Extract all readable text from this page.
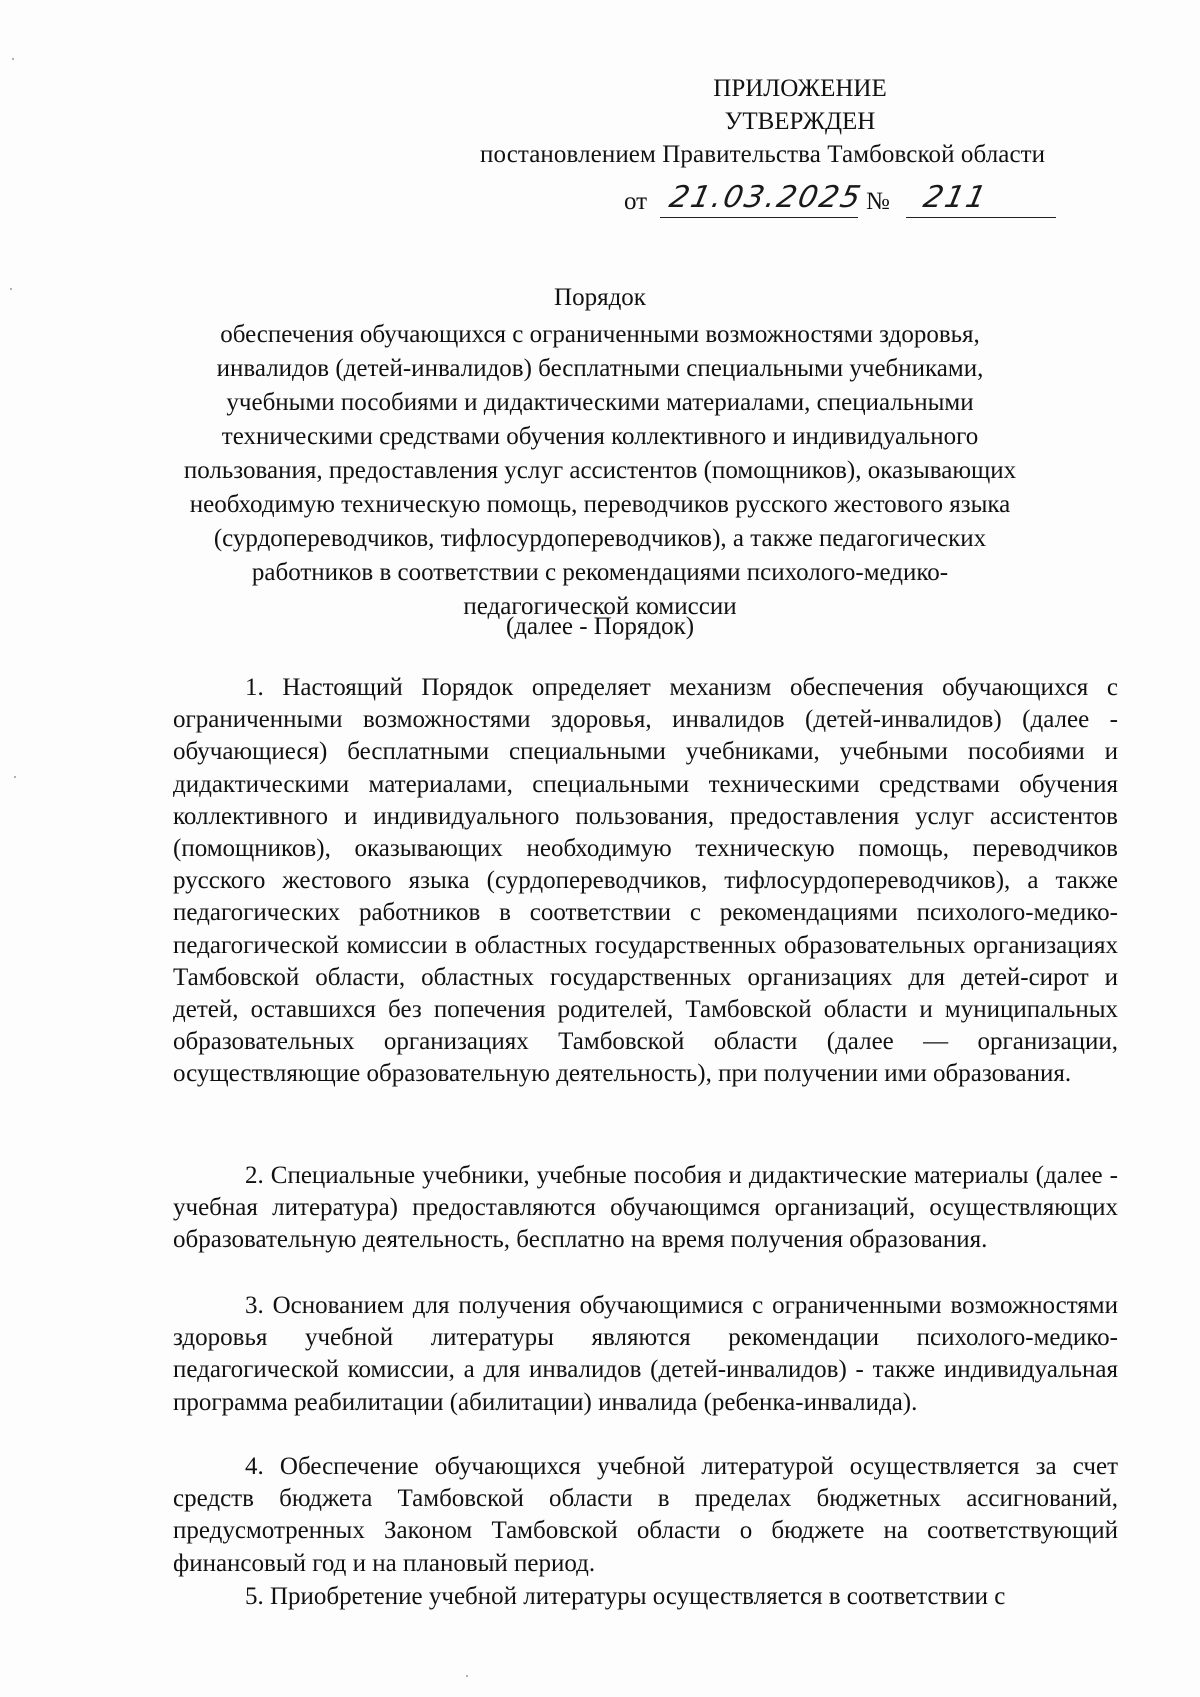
ПРИЛОЖЕНИЕ
УТВЕРЖДЕН
постановлением Правительства Тамбовской области
от 21.03.2025 № 211
Порядок
обеспечения обучающихся с ограниченными возможностями здоровья,
инвалидов (детей-инвалидов) бесплатными специальными учебниками,
учебными пособиями и дидактическими материалами, специальными
техническими средствами обучения коллективного и индивидуального
пользования, предоставления услуг ассистентов (помощников), оказывающих
необходимую техническую помощь, переводчиков русского жестового языка
(сурдопереводчиков, тифлосурдопереводчиков), а также педагогических
работников в соответствии с рекомендациями психолого-медико-
педагогической комиссии
(далее - Порядок)

1. Настоящий Порядок определяет механизм обеспечения обучающихся с ограниченными возможностями здоровья, инвалидов (детей-инвалидов) (далее - обучающиеся) бесплатными специальными учебниками, учебными пособиями и дидактическими материалами, специальными техническими средствами обучения коллективного и индивидуального пользования, предоставления услуг ассистентов (помощников), оказывающих необходимую техническую помощь, переводчиков русского жестового языка (сурдопереводчиков, тифлосурдопереводчиков), а также педагогических работников в соответствии с рекомендациями психолого-медико-педагогической комиссии в областных государственных образовательных организациях Тамбовской области, областных государственных организациях для детей-сирот и детей, оставшихся без попечения родителей, Тамбовской области и муниципальных образовательных организациях Тамбовской области (далее — организации, осуществляющие образовательную деятельность), при получении ими образования.

2. Специальные учебники, учебные пособия и дидактические материалы (далее - учебная литература) предоставляются обучающимся организаций, осуществляющих образовательную деятельность, бесплатно на время получения образования.

3. Основанием для получения обучающимися с ограниченными возможностями здоровья учебной литературы являются рекомендации психолого-медико-педагогической комиссии, а для инвалидов (детей-инвалидов) - также индивидуальная программа реабилитации (абилитации) инвалида (ребенка-инвалида).

4. Обеспечение обучающихся учебной литературой осуществляется за счет средств бюджета Тамбовской области в пределах бюджетных ассигнований, предусмотренных Законом Тамбовской области о бюджете на соответствующий финансовый год и на плановый период.

5. Приобретение учебной литературы осуществляется в соответствии с
